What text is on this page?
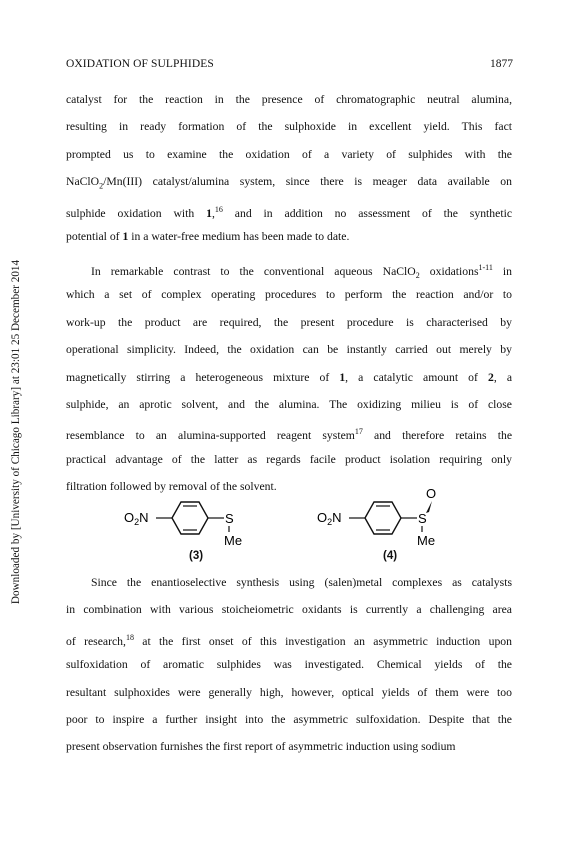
OXIDATION OF SULPHIDES	1877
Downloaded by [University of Chicago Library] at 23:01 25 December 2014
catalyst for the reaction in the presence of chromatographic neutral alumina,
resulting in ready formation of the sulphoxide in excellent yield. This fact
prompted us to examine the oxidation of a variety of sulphides with the
NaClO$_2$/Mn(III) catalyst/alumina system, since there is meager data available on
sulphide oxidation with 1,16 and in addition no assessment of the synthetic
potential of 1 in a water-free medium has been made to date.
In remarkable contrast to the conventional aqueous NaClO$_2$ oxidations$^{1-11}$ in
which a set of complex operating procedures to perform the reaction and/or to
work-up the product are required, the present procedure is characterised by
operational simplicity. Indeed, the oxidation can be instantly carried out merely by
magnetically stirring a heterogeneous mixture of 1, a catalytic amount of 2, a
sulphide, an aprotic solvent, and the alumina. The oxidizing milieu is of close
resemblance to an alumina-supported reagent system$^{17}$ and therefore retains the
practical advantage of the latter as regards facile product isolation requiring only
filtration followed by removal of the solvent.
$O_2N$	S
Me
(3)
$O_2N$	S
O
Me
(4)
Since the enantioselective synthesis using (salen)metal complexes as catalysts
in combination with various stoicheiometric oxidants is currently a challenging area
of research,$^{18}$ at the first onset of this investigation an asymmetric induction upon
sulfoxidation of aromatic sulphides was investigated. Chemical yields of the
resultant sulphoxides were generally high, however, optical yields of them were too
poor to inspire a further insight into the asymmetric sulfoxidation. Despite that the
present observation furnishes the first report of asymmetric induction using sodium
